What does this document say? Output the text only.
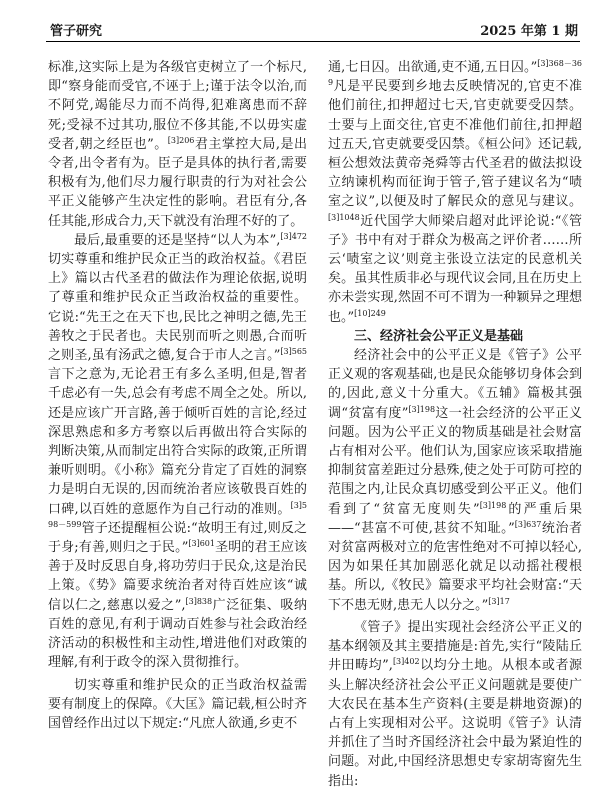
管子研究	2025 年第 1 期

标准,这实际上是为各级官吏树立了一个标尺,即“察身能而受官,不诬于上;谨于法令以治,而不阿党,竭能尽力而不尚得,犯难离患而不辞死;受禄不过其功,服位不侈其能,不以毋实虚受者,朝之经臣也”。$^{[3]206}$君主掌控大局,是出令者,出令者有为。臣子是具体的执行者,需要积极有为,他们尽力履行职责的行为对社会公平正义能够产生决定性的影响。君臣有分,各任其能,形成合力,天下就没有治理不好的了。

最后,最重要的还是坚持“以人为本”,$^{[3]472}$切实尊重和维护民众正当的政治权益。《君臣上》篇以古代圣君的做法作为理论依据,说明了尊重和维护民众正当政治权益的重要性。它说:“先王之在天下也,民比之神明之德,先王善牧之于民者也。夫民别而听之则愚,合而听之则圣,虽有汤武之德,复合于市人之言。”$^{[3]565}$言下之意为,无论君王有多么圣明,但是,智者千虑必有一失,总会有考虑不周全之处。所以,还是应该广开言路,善于倾听百姓的言论,经过深思熟虑和多方考察以后再做出符合实际的判断决策,从而制定出符合实际的政策,正所谓兼听则明。《小称》篇充分肯定了百姓的洞察力是明白无误的,因而统治者应该敬畏百姓的口碑,以百姓的意愿作为自己行动的准则。$^{[3]598-599}$管子还提醒桓公说:“故明王有过,则反之于身;有善,则归之于民。”$^{[3]601}$圣明的君王应该善于及时反思自身,将功劳归于民众,这是治民上策。《势》篇要求统治者对待百姓应该“诚信以仁之,慈惠以爱之”,$^{[3]838}$广泛征集、吸纳百姓的意见,有利于调动百姓参与社会政治经济活动的积极性和主动性,增进他们对政策的理解,有利于政令的深入贯彻推行。

切实尊重和维护民众的正当政治权益需要有制度上的保障。《大匡》篇记载,桓公时齐国曾经作出过以下规定:“凡庶人欲通,乡吏不

通,七日囚。出欲通,吏不通,五日囚。”$^{[3]368-369}$凡是平民要到乡地去反映情况的,官吏不准他们前往,扣押超过七天,官吏就要受囚禁。士要与上面交往,官吏不准他们前往,扣押超过五天,官吏就要受囚禁。《桓公问》还记载,桓公想效法黄帝尧舜等古代圣君的做法拟设立纳谏机构而征询于管子,管子建议名为“啧室之议”,以便及时了解民众的意见与建议。$^{[3]1048}$近代国学大师梁启超对此评论说:“《管子》书中有对于群众为极高之评价者……所云‘啧室之议’则竟主张设立法定的民意机关矣。虽其性质非必与现代议会同,且在历史上亦未尝实现,然固不可不谓为一种颖异之理想也。”$^{[10]249}$

三、经济社会公平正义是基础

经济社会中的公平正义是《管子》公平正义观的客观基础,也是民众能够切身体会到的,因此,意义十分重大。《五辅》篇极其强调“贫富有度”$^{[3]198}$这一社会经济的公平正义问题。因为公平正义的物质基础是社会财富占有相对公平。他们认为,国家应该采取措施抑制贫富差距过分悬殊,使之处于可防可控的范围之内,让民众真切感受到公平正义。他们看到了“贫富无度则失”$^{[3]198}$的严重后果——“甚富不可使,甚贫不知耻。”$^{[3]637}$统治者对贫富两极对立的危害性绝对不可掉以轻心,因为如果任其加剧恶化就足以动摇社稷根基。所以,《牧民》篇要求平均社会财富:“天下不患无财,患无人以分之。”$^{[3]17}$

《管子》提出实现社会经济公平正义的基本纲领及其主要措施是:首先,实行“陵陆丘井田畴均”,$^{[3]402}$以均分土地。从根本或者源头上解决经济社会公平正义问题就是要使广大农民在基本生产资料(主要是耕地资源)的占有上实现相对公平。这说明《管子》认清并抓住了当时齐国经济社会中最为紧迫性的问题。对此,中国经济思想史专家胡寄窗先生指出:
